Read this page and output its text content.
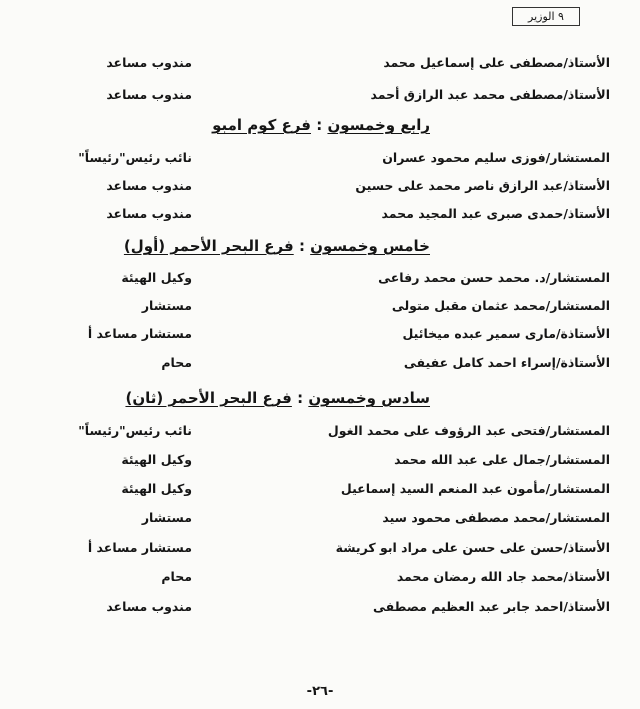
٩ الوزير
الأستاذ/مصطفى على إسماعيل محمد
مندوب مساعد
الأستاذ/مصطفى محمد عبد الرازق أحمد
مندوب مساعد
رابع وخمسون : فرع كوم امبو
المستشار/فوزى سليم محمود عسران
نائب رئيس"رئيساً"
الأستاذ/عبد الرازق ناصر محمد على حسين
مندوب مساعد
الأستاذ/حمدى صبرى عبد المجيد محمد
مندوب مساعد
خامس وخمسون : فرع البحر الأحمر (أول)
المستشار/د. محمد حسن محمد رفاعى
وكيل الهيئة
المستشار/محمد عثمان مقبل متولى
مستشار
الأستاذة/مارى سمير عبده ميخائيل
مستشار مساعد أ
الأستاذة/إسراء احمد كامل عفيفى
محام
سادس وخمسون : فرع البحر الأحمر (ثان)
المستشار/فتحى عبد الرؤوف على محمد الغول
نائب رئيس"رئيساً"
المستشار/جمال على عبد الله محمد
وكيل الهيئة
المستشار/مأمون عبد المنعم السيد إسماعيل
وكيل الهيئة
المستشار/محمد مصطفى محمود سيد
مستشار
الأستاذ/حسن على حسن على مراد ابو كريشة
مستشار مساعد أ
الأستاذ/محمد جاد الله رمضان محمد
محام
الأستاذ/احمد جابر عبد العظيم مصطفى
مندوب مساعد
-٢٦-
